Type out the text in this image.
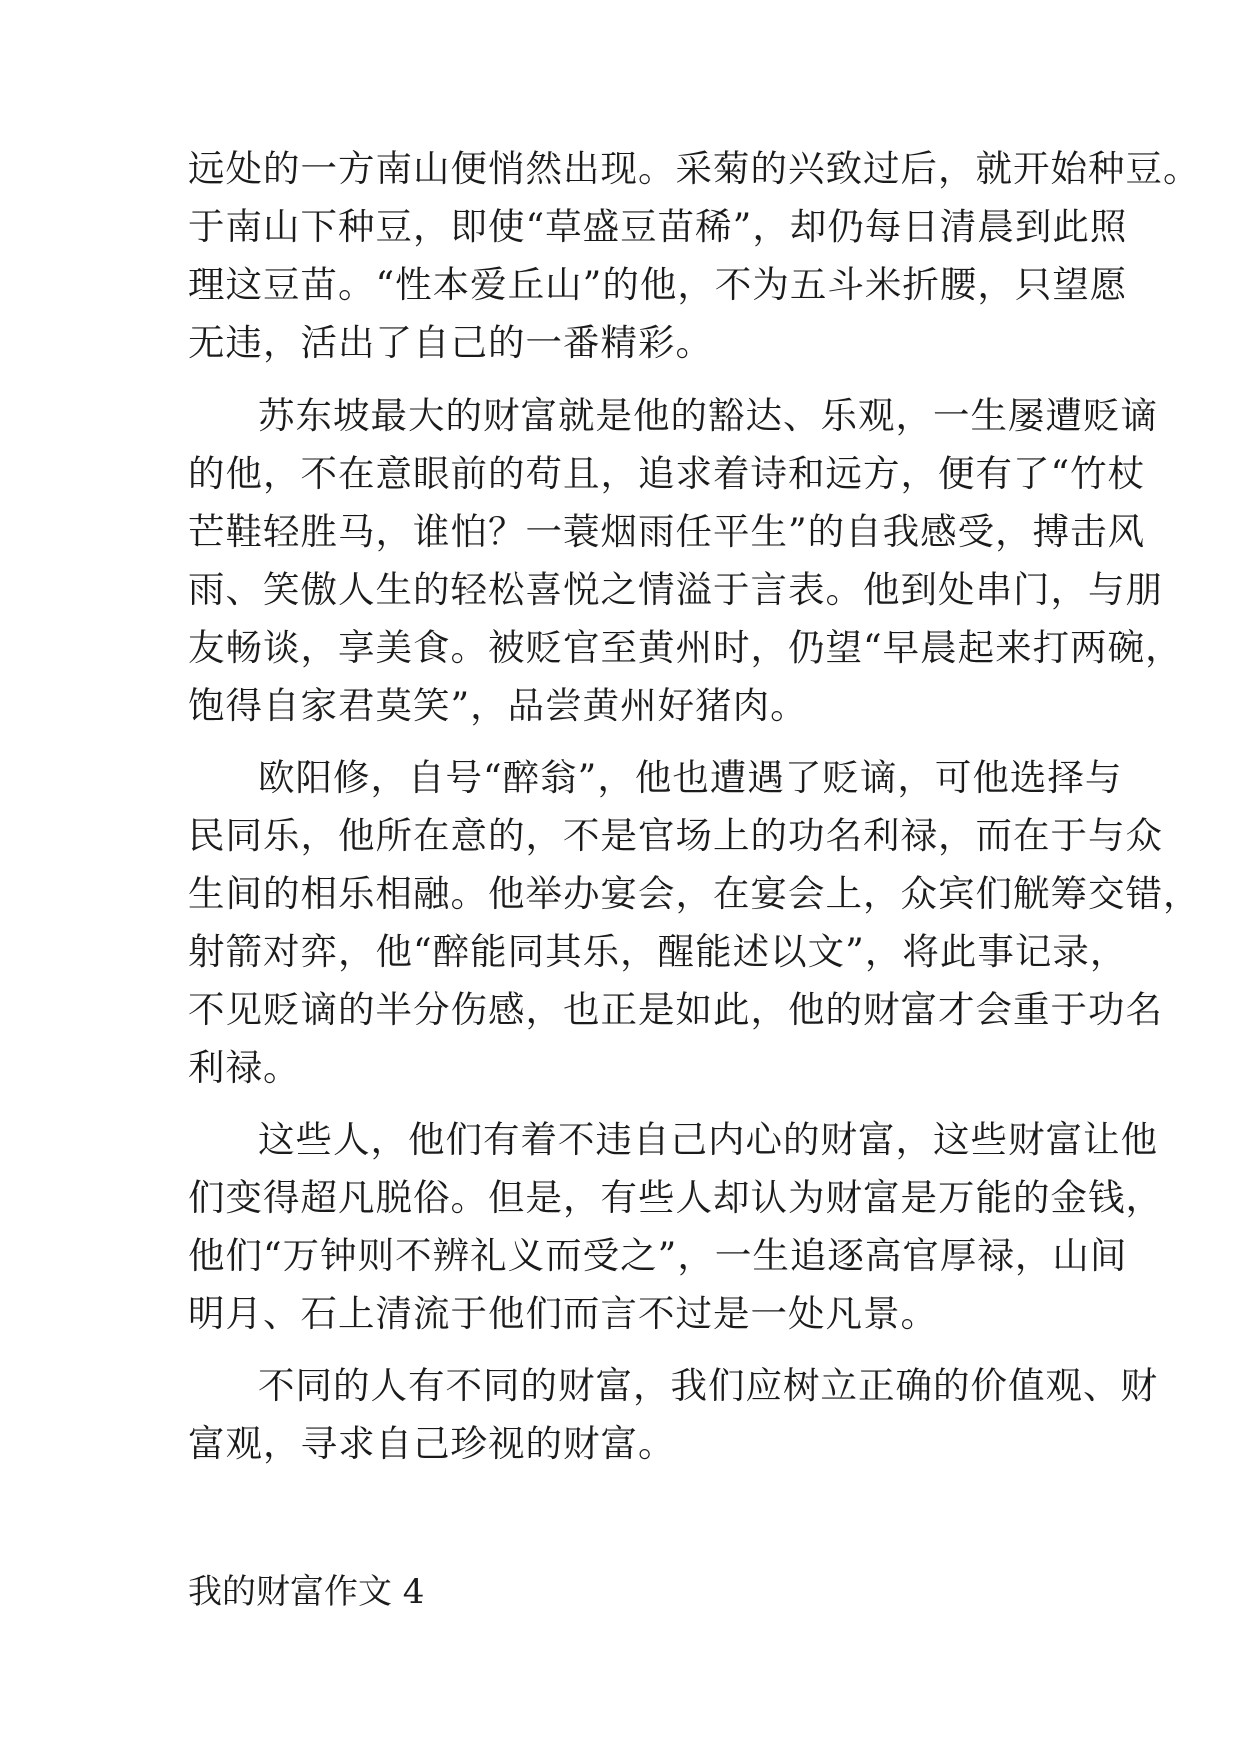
远处的一方南山便悄然出现。采菊的兴致过后，就开始种豆。
于南山下种豆，即使“草盛豆苗稀”，却仍每日清晨到此照
理这豆苗。“性本爱丘山”的他，不为五斗米折腰，只望愿
无违，活出了自己的一番精彩。
苏东坡最大的财富就是他的豁达、乐观，一生屡遭贬谪
的他，不在意眼前的苟且，追求着诗和远方，便有了“竹杖
芒鞋轻胜马，谁怕？一蓑烟雨任平生”的自我感受，搏击风
雨、笑傲人生的轻松喜悦之情溢于言表。他到处串门，与朋
友畅谈，享美食。被贬官至黄州时，仍望“早晨起来打两碗，
饱得自家君莫笑”，品尝黄州好猪肉。
欧阳修，自号“醉翁”，他也遭遇了贬谪，可他选择与
民同乐，他所在意的，不是官场上的功名利禄，而在于与众
生间的相乐相融。他举办宴会，在宴会上，众宾们觥筹交错，
射箭对弈，他“醉能同其乐，醒能述以文”，将此事记录，
不见贬谪的半分伤感，也正是如此，他的财富才会重于功名
利禄。
这些人，他们有着不违自己内心的财富，这些财富让他
们变得超凡脱俗。但是，有些人却认为财富是万能的金钱，
他们“万钟则不辨礼义而受之”，一生追逐高官厚禄，山间
明月、石上清流于他们而言不过是一处凡景。
不同的人有不同的财富，我们应树立正确的价值观、财
富观，寻求自己珍视的财富。
我的财富作文 4
